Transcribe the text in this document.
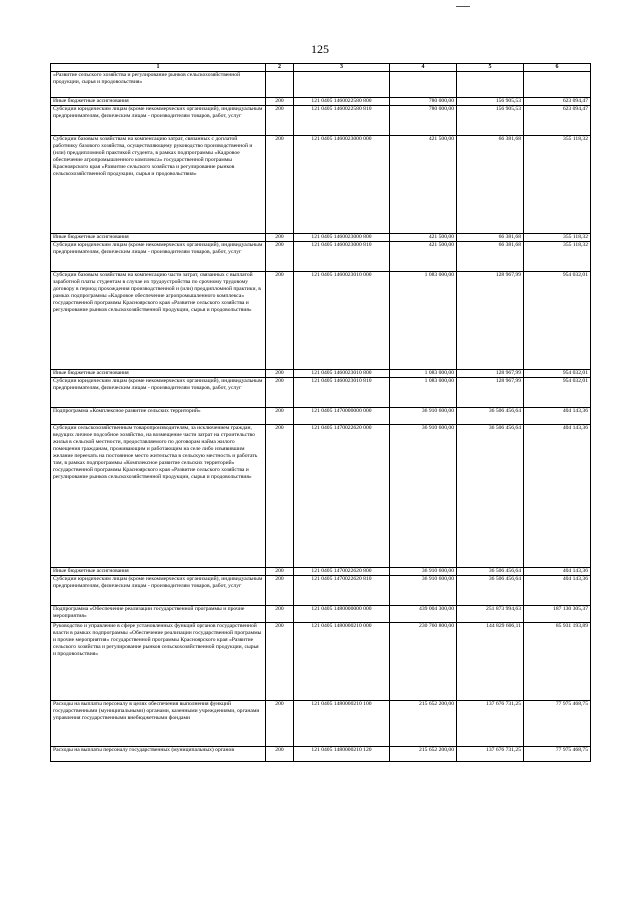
125
1	2	3	4	5	6
«Развитие сельского хозяйства и регулирование рынков сельскохозяйственной продукции, сырья и продовольствия»					
Иные бюджетные ассигнования	200	121 0405 1460022580 800	780 000,00	156 905,53	623 094,47
Субсидии юридическим лицам (кроме некоммерческих организаций), индивидуальным предпринимателям, физическим лицам - производителям товаров, работ, услуг	200	121 0405 1460022580 810	780 000,00	156 905,53	623 094,47
Субсидии базовым хозяйствам на компенсацию затрат, связанных с доплатой работнику базового хозяйства, осуществляющему руководство производственной и (или) преддипломной практикой студента, в рамках подпрограммы «Кадровое обеспечение агропромышленного комплекса» государственной программы Красноярского края «Развитие сельского хозяйства и регулирование рынков сельскохозяйственной продукции, сырья и продовольствия»	200	121 0405 1460023000 000	421 500,00	66 381,68	355 118,32
Иные бюджетные ассигнования	200	121 0405 1460023000 800	421 500,00	66 381,68	355 118,32
Субсидии юридическим лицам (кроме некоммерческих организаций), индивидуальным предпринимателям, физическим лицам - производителям товаров, работ, услуг	200	121 0405 1460023000 810	421 500,00	66 381,68	355 118,32
Субсидии базовым хозяйствам на компенсацию части затрат, связанных с выплатой заработной платы студентам в случае их трудоустройства по срочному трудовому договору в период прохождения производственной и (или) преддипломной практики, в рамках подпрограммы «Кадровое обеспечение агропромышленного комплекса» государственной программы Красноярского края «Развитие сельского хозяйства и регулирование рынков сельскохозяйственной продукции, сырья и продовольствия»	200	121 0405 1460023010 000	1 083 000,00	128 967,99	954 032,01
Иные бюджетные ассигнования	200	121 0405 1460023010 800	1 083 000,00	128 967,99	954 032,01
Субсидии юридическим лицам (кроме некоммерческих организаций), индивидуальным предпринимателям, физическим лицам - производителям товаров, работ, услуг	200	121 0405 1460023010 810	1 083 000,00	128 967,99	954 032,01
Подпрограмма «Комплексное развитие сельских территорий»	200	121 0405 1470000000 000	36 910 600,00	36 506 456,64	404 143,36
Субсидии сельскохозяйственным товаропроизводителям, за исключением граждан, ведущих личное подсобное хозяйство, на возмещение части затрат на строительство жилья в сельской местности, предоставляемого по договорам найма жилого помещения гражданам, проживающим и работающим на селе либо изъявившим желание переехать на постоянное место жительства в сельскую местность и работать там, в рамках подпрограммы «Комплексное развитие сельских территорий» государственной программы Красноярского края «Развитие сельского хозяйства и регулирование рынков сельскохозяйственной продукции, сырья и продовольствия»	200	121 0405 1470022620 000	36 910 600,00	36 506 456,64	404 143,36
Иные бюджетные ассигнования	200	121 0405 1470022620 800	36 910 600,00	36 506 456,64	404 143,36
Субсидии юридическим лицам (кроме некоммерческих организаций), индивидуальным предпринимателям, физическим лицам - производителям товаров, работ, услуг	200	121 0405 1470022620 810	36 910 600,00	36 506 456,64	404 143,36
Подпрограмма «Обеспечение реализации государственной программы и прочие мероприятия»	200	121 0405 1480000000 000	439 004 300,00	251 873 994,63	187 130 305,37
Руководство и управление в сфере установленных функций органов государственной власти в рамках подпрограммы «Обеспечение реализации государственной программы и прочие мероприятия» государственной программы Красноярского края «Развитие сельского хозяйства и регулирование рынков сельскохозяйственной продукции, сырья и продовольствия»	200	121 0405 1480000210 000	230 760 800,00	144 829 606,11	85 931 193,89
Расходы на выплаты персоналу в целях обеспечения выполнения функций государственными (муниципальными) органами, казенными учреждениями, органами управления государственными внебюджетными фондами	200	121 0405 1480000210 100	215 652 200,00	137 676 731,25	77 975 468,75
Расходы на выплаты персоналу государственных (муниципальных) органов	200	121 0405 1480000210 120	215 652 200,00	137 676 731,25	77 975 468,75
